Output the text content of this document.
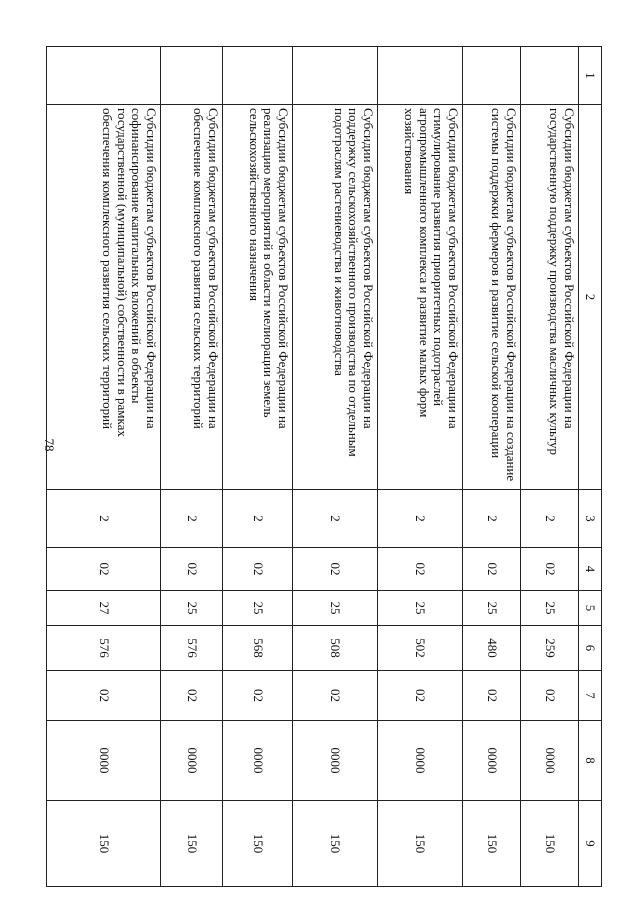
78
1	2	3	4	5	6	7	8	9
	Субсидии бюджетам субъектов Российской Федерации на государственную поддержку производства масличных культур	2	02	25	259	02	0000	150
	Субсидии бюджетам субъектов Российской Федерации на создание системы поддержки фермеров и развитие сельской кооперации	2	02	25	480	02	0000	150
	Субсидии бюджетам субъектов Российской Федерации на стимулирование развития приоритетных подотраслей агропромышленного комплекса и развитие малых форм хозяйствования	2	02	25	502	02	0000	150
	Субсидии бюджетам субъектов Российской Федерации на поддержку сельскохозяйственного производства по отдельным подотраслям растениеводства и животноводства	2	02	25	508	02	0000	150
	Субсидии бюджетам субъектов Российской Федерации на реализацию мероприятий в области мелиорации земель сельскохозяйственного назначения	2	02	25	568	02	0000	150
	Субсидии бюджетам субъектов Российской Федерации на обеспечение комплексного развития сельских территорий	2	02	25	576	02	0000	150
	Субсидии бюджетам субъектов Российской Федерации на софинансирование капитальных вложений в объекты государственной (муниципальной) собственности в рамках обеспечения комплексного развития сельских территорий	2	02	27	576	02	0000	150
